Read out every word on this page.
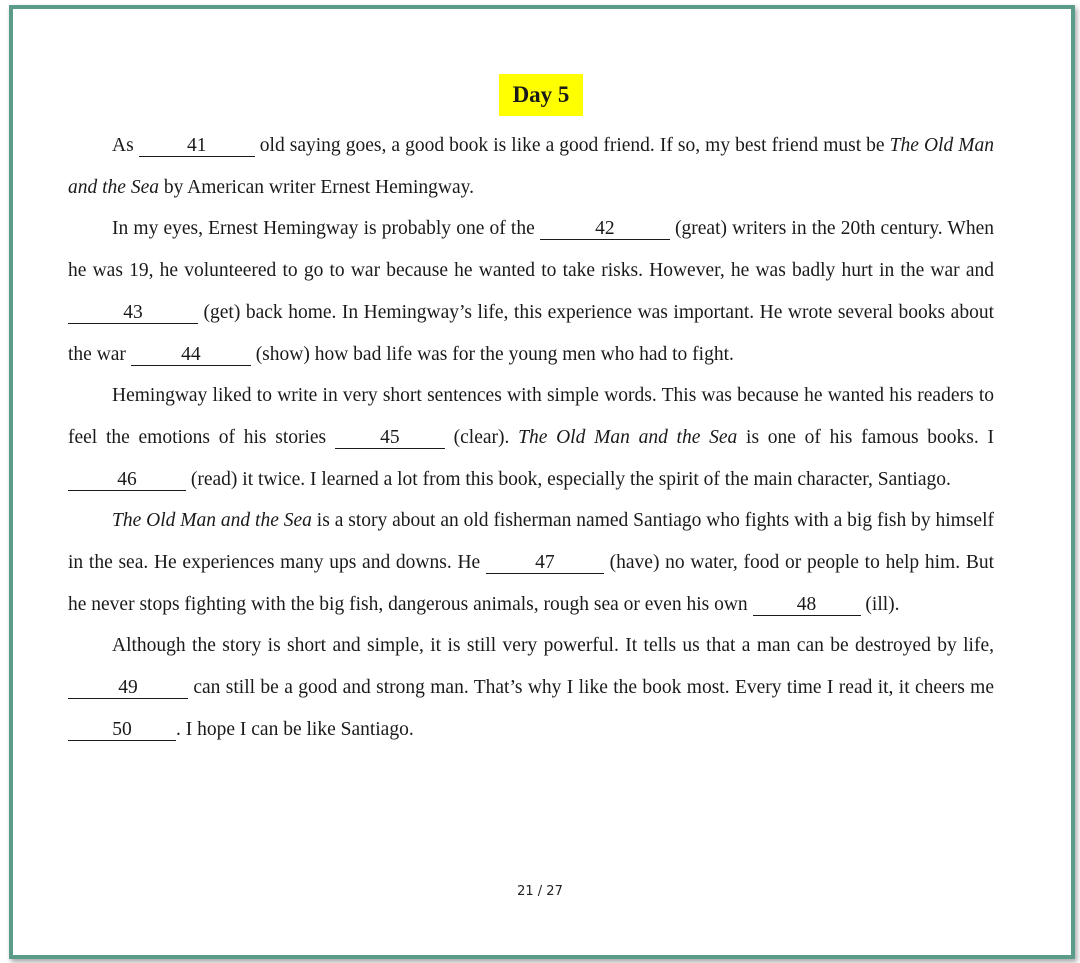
Day 5

As 41 old saying goes, a good book is like a good friend. If so, my best friend must be The Old Man and the Sea by American writer Ernest Hemingway.

In my eyes, Ernest Hemingway is probably one of the	42	(great) writers in the 20th century. When he was 19, he volunteered to go to war because he wanted to take risks. However, he was badly hurt in the war and 43	(get) back home. In Hemingway’s life, this experience was important. He wrote several books about the war	44	(show) how bad life was for the young men who had to fight.

Hemingway liked to write in very short sentences with simple words. This was because he wanted his readers to feel the emotions of his stories 45 (clear). The Old Man and the Sea is one of his famous books. I 46	(read) it twice. I learned a lot from this book, especially the spirit of the main character, Santiago.

The Old Man and the Sea is a story about an old fisherman named Santiago who fights with a big fish by himself in the sea. He experiences many ups and downs. He	47	(have) no water, food or people to help him. But he never stops fighting with the big fish, dangerous animals, rough sea or even his own 48 (ill).

Although the story is short and simple, it is still very powerful. It tells us that a man can be destroyed by life,49	can still be a good and strong man. That’s why I like the book most. Every time I read it, it cheers me 50 . I hope I can be like Santiago.

21 / 27
